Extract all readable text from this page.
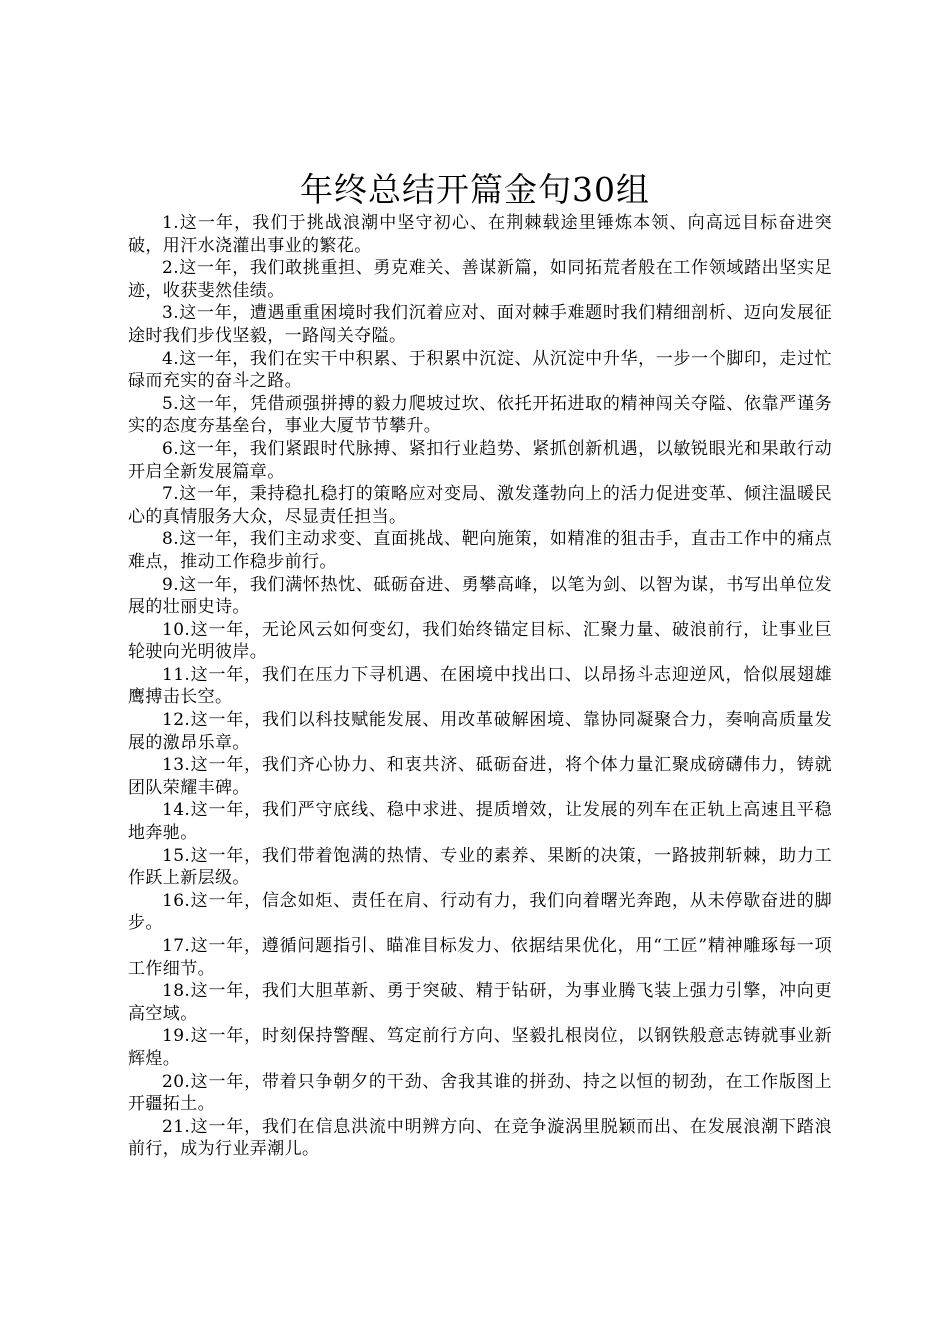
年终总结开篇金句30组

1.这一年，我们于挑战浪潮中坚守初心、在荆棘载途里锤炼本领、向高远目标奋进突破，用汗水浇灌出事业的繁花。

2.这一年，我们敢挑重担、勇克难关、善谋新篇，如同拓荒者般在工作领域踏出坚实足迹，收获斐然佳绩。

3.这一年，遭遇重重困境时我们沉着应对、面对棘手难题时我们精细剖析、迈向发展征途时我们步伐坚毅，一路闯关夺隘。

4.这一年，我们在实干中积累、于积累中沉淀、从沉淀中升华，一步一个脚印，走过忙碌而充实的奋斗之路。

5.这一年，凭借顽强拼搏的毅力爬坡过坎、依托开拓进取的精神闯关夺隘、依靠严谨务实的态度夯基垒台，事业大厦节节攀升。

6.这一年，我们紧跟时代脉搏、紧扣行业趋势、紧抓创新机遇，以敏锐眼光和果敢行动开启全新发展篇章。

7.这一年，秉持稳扎稳打的策略应对变局、激发蓬勃向上的活力促进变革、倾注温暖民心的真情服务大众，尽显责任担当。

8.这一年，我们主动求变、直面挑战、靶向施策，如精准的狙击手，直击工作中的痛点难点，推动工作稳步前行。

9.这一年，我们满怀热忱、砥砺奋进、勇攀高峰，以笔为剑、以智为谋，书写出单位发展的壮丽史诗。

10.这一年，无论风云如何变幻，我们始终锚定目标、汇聚力量、破浪前行，让事业巨轮驶向光明彼岸。

11.这一年，我们在压力下寻机遇、在困境中找出口、以昂扬斗志迎逆风，恰似展翅雄鹰搏击长空。

12.这一年，我们以科技赋能发展、用改革破解困境、靠协同凝聚合力，奏响高质量发展的激昂乐章。

13.这一年，我们齐心协力、和衷共济、砥砺奋进，将个体力量汇聚成磅礴伟力，铸就团队荣耀丰碑。

14.这一年，我们严守底线、稳中求进、提质增效，让发展的列车在正轨上高速且平稳地奔驰。

15.这一年，我们带着饱满的热情、专业的素养、果断的决策，一路披荆斩棘，助力工作跃上新层级。

16.这一年，信念如炬、责任在肩、行动有力，我们向着曙光奔跑，从未停歇奋进的脚步。

17.这一年，遵循问题指引、瞄准目标发力、依据结果优化，用“工匠”精神雕琢每一项工作细节。

18.这一年，我们大胆革新、勇于突破、精于钻研，为事业腾飞装上强力引擎，冲向更高空域。

19.这一年，时刻保持警醒、笃定前行方向、坚毅扎根岗位，以钢铁般意志铸就事业新辉煌。

20.这一年，带着只争朝夕的干劲、舍我其谁的拼劲、持之以恒的韧劲，在工作版图上开疆拓土。

21.这一年，我们在信息洪流中明辨方向、在竞争漩涡里脱颖而出、在发展浪潮下踏浪前行，成为行业弄潮儿。
